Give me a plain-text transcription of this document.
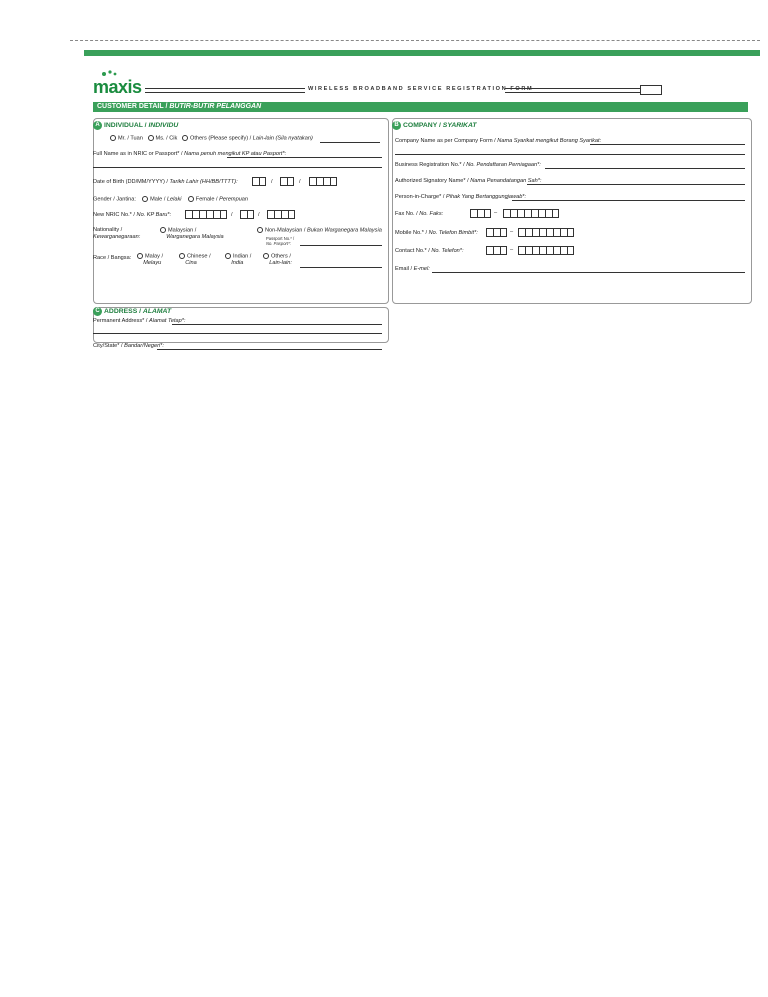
maxis	WIRELESS BROADBAND SERVICE REGISTRATION FORM
CUSTOMER DETAIL / BUTIR-BUTIR PELANGGAN
A INDIVIDUAL /
INDIVIDU
Mr. / Tuan Ms. / Cik Others (Please specify) / Lain-lain (Sila nyatakan)
Full Name as in NRIC or Passport* / Nama penuh mengikut KP atau Pasport*:
Date of Birth (DD/MM/YYYY) / Tarikh Lahir (HH/BB/TTTT):	/	/
Gender / Jantina:	Male / Lelaki	Female / Perempuan
New NRIC No.* / No. KP Baru*:	/	/
Nationality /
Kewarganegaraan:
Malaysian /
Warganegara Malaysia
Non-Malaysian / Bukan Warganegara Malaysia
Passport No.* /
No. Pasport*:
Race / Bangsa:	Malay /
Melayu
Chinese /
Cina
Indian /
India
Others /
Lain-lain:
B COMPANY /
SYARIKAT
Company Name as per Company Form / Nama Syarikat mengikut Borang Syarikat:
Business Registration No.* / No. Pendaftaran Perniagaan*:
Authorized Signatory Name* / Nama Penandatangan Sah*:
Person-in-Charge* / Pihak Yang Bertanggungjawab*:
Fax No. / No. Faks:	–
Mobile No.* / No. Telefon Bimbit*:	–
Contact No.* / No. Telefon*:	–
Email / E-mel:
C ADDRESS /
ALAMAT
Permanent Address* / Alamat Tetap*:
City/State* / Bandar/Negeri*:
